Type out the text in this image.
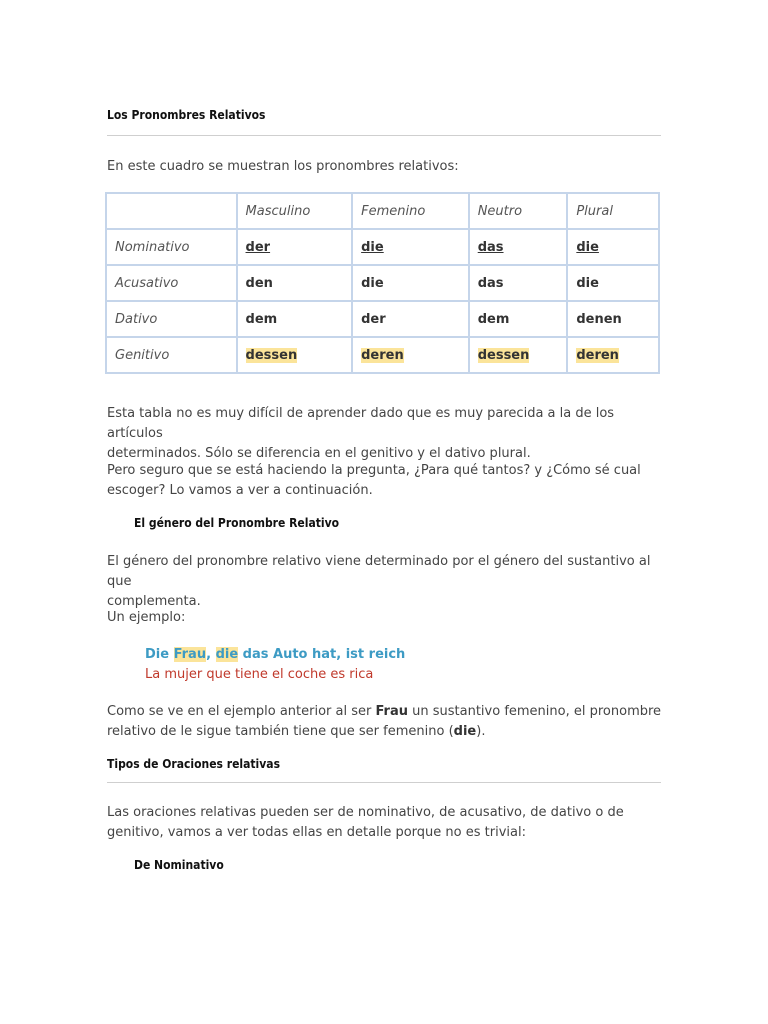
Los Pronombres Relativos

En este cuadro se muestran los pronombres relativos:

	Masculino	Femenino	Neutro	Plural
Nominativo	der	die	das	die
Acusativo	den	die	das	die
Dativo	dem	der	dem	denen
Genitivo	dessen	deren	dessen	deren
Esta tabla no es muy difícil de aprender dado que es muy parecida a la de los artículos
determinados. Sólo se diferencia en el genitivo y el dativo plural.
Pero seguro que se está haciendo la pregunta, ¿Para qué tantos? y ¿Cómo sé cual
escoger? Lo vamos a ver a continuación.
El género del Pronombre Relativo
El género del pronombre relativo viene determinado por el género del sustantivo al que
complementa.

Un ejemplo:

Die Frau, die das Auto hat, ist reich
La mujer que tiene el coche es rica
Como se ve en el ejemplo anterior al ser Frau un sustantivo femenino, el pronombre
relativo de le sigue también tiene que ser femenino (die).
Tipos de Oraciones relativas
Las oraciones relativas pueden ser de nominativo, de acusativo, de dativo o de
genitivo, vamos a ver todas ellas en detalle porque no es trivial:
De Nominativo
